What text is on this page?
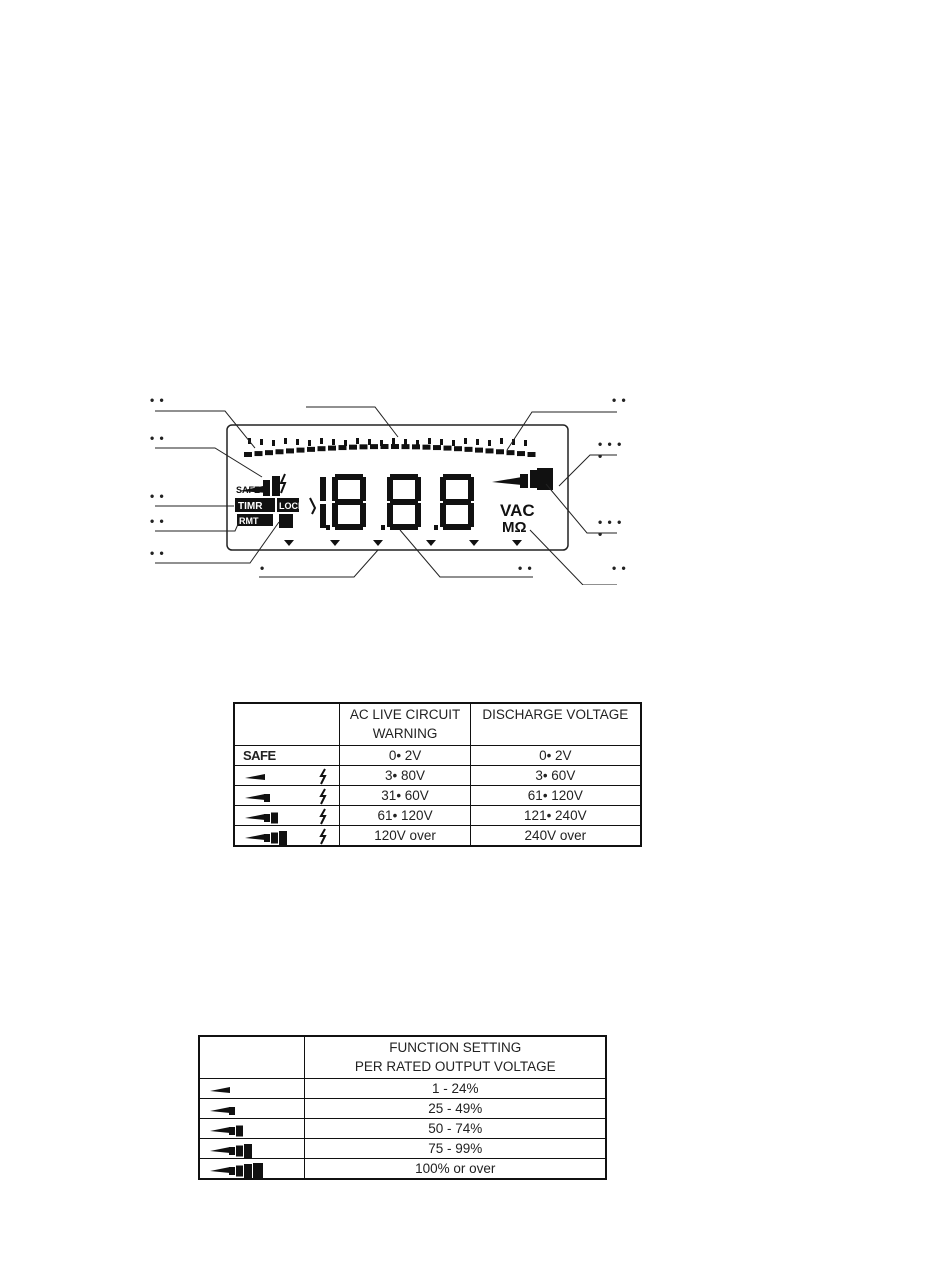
SAFE
TIMR LOCK
RMT
VAC
MΩ
• •
• •
• •
• •
• •
• •
• • • •
• • • •
• •
•	• •
	AC LIVE CIRCUIT
WARNING	DISCHARGE VOLTAGE
SAFE	0• 2V	0• 2V

	3• 80V	3• 60V

	31• 60V	61• 120V

	61• 120V	121• 240V

	120V over	240V over
	FUNCTION SETTING
PER RATED OUTPUT VOLTAGE

	1 - 24%

	25 - 49%

	50 - 74%

	75 - 99%

	100% or over
